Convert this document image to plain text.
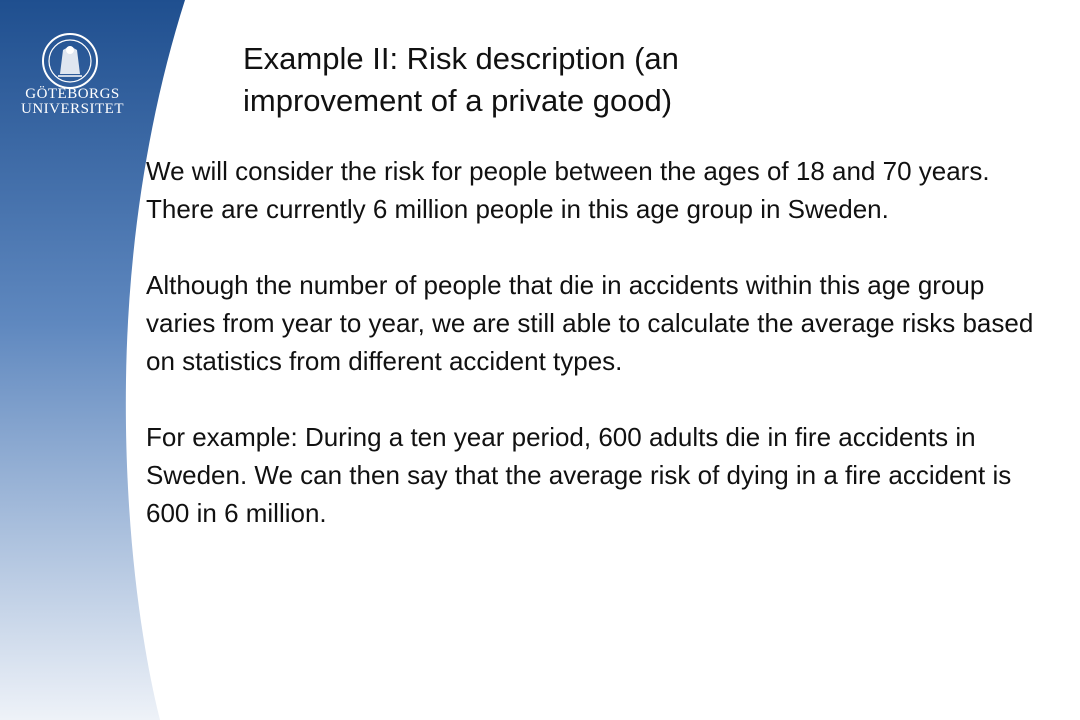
GÖTEBORGS
UNIVERSITET
Example II: Risk description (an
improvement of a private good)

We will consider the risk for people between the ages of 18 and 70 years. There are currently 6 million people in this age group in Sweden.

Although the number of people that die in accidents within this age group varies from year to year, we are still able to calculate the average risks based on statistics from different accident types.

For example: During a ten year period, 600 adults die in fire accidents in Sweden. We can then say that the average risk of dying in a fire accident is 600 in 6 million.
